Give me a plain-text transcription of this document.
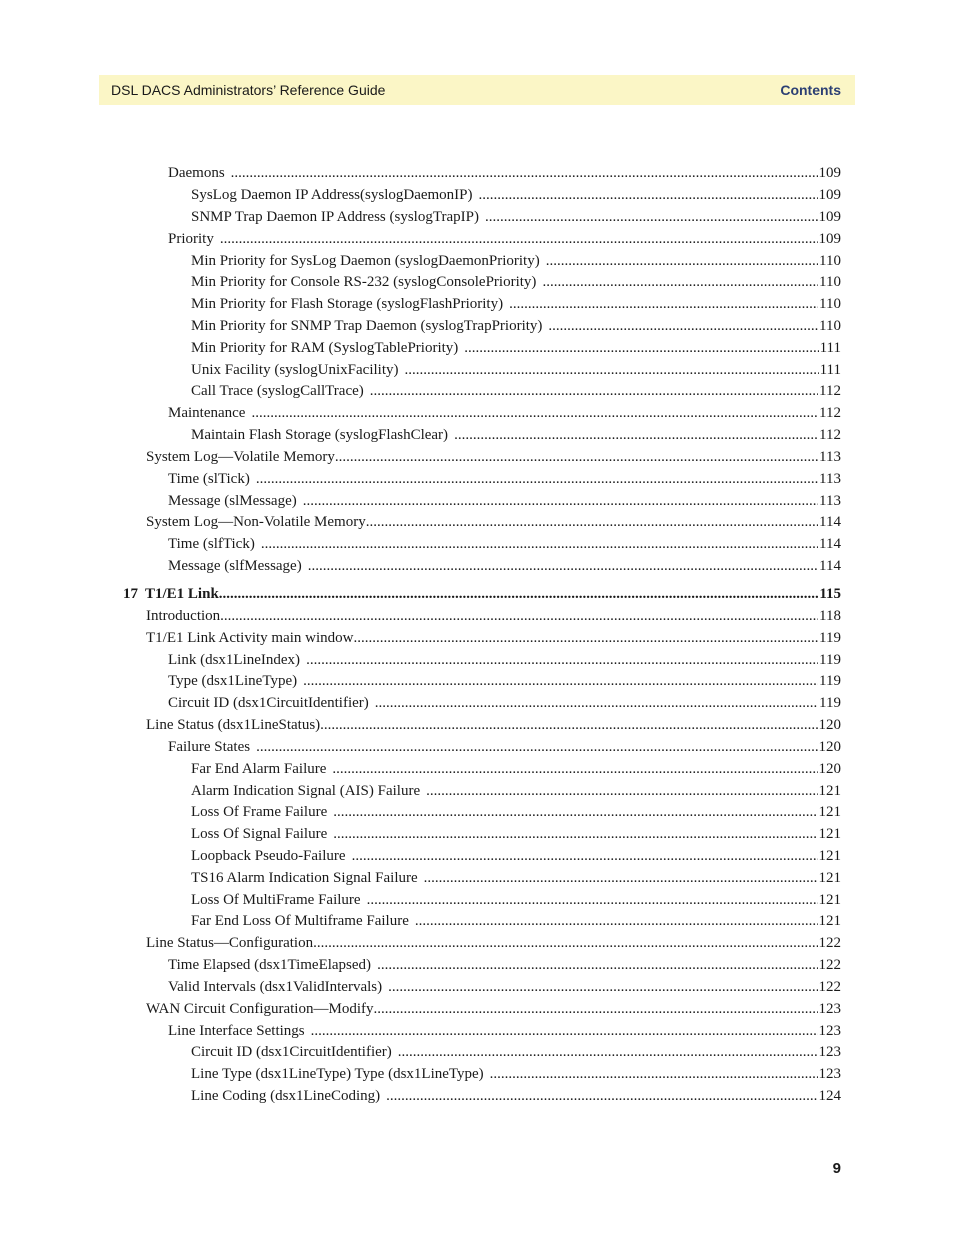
DSL DACS Administrators’ Reference Guide	Contents
Daemons .....	109
SysLog Daemon IP Address(syslogDaemonIP) .....	109
SNMP Trap Daemon IP Address (syslogTrapIP) .....	109
Priority .....	109
Min Priority for SysLog Daemon (syslogDaemonPriority) .....	110
Min Priority for Console RS-232 (syslogConsolePriority) .....	110
Min Priority for Flash Storage (syslogFlashPriority) .....	110
Min Priority for SNMP Trap Daemon (syslogTrapPriority) .....	110
Min Priority for RAM (SyslogTablePriority) .....	111
Unix Facility (syslogUnixFacility) .....	111
Call Trace (syslogCallTrace) .....	112
Maintenance .....	112
Maintain Flash Storage (syslogFlashClear) .....	112
System Log—Volatile Memory .....	113
Time (slTick) .....	113
Message (slMessage) .....	113
System Log—Non-Volatile Memory .....	114
Time (slfTick) .....	114
Message (slfMessage) .....	114
17 T1/E1 Link .....	115
Introduction .....	118
T1/E1 Link Activity main window .....	119
Link (dsx1LineIndex) .....	119
Type (dsx1LineType) .....	119
Circuit ID (dsx1CircuitIdentifier) .....	119
Line Status (dsx1LineStatus) .....	120
Failure States .....	120
Far End Alarm Failure .....	120
Alarm Indication Signal (AIS) Failure .....	121
Loss Of Frame Failure .....	121
Loss Of Signal Failure .....	121
Loopback Pseudo-Failure .....	121
TS16 Alarm Indication Signal Failure .....	121
Loss Of MultiFrame Failure .....	121
Far End Loss Of Multiframe Failure .....	121
Line Status—Configuration .....	122
Time Elapsed (dsx1TimeElapsed) .....	122
Valid Intervals (dsx1ValidIntervals) .....	122
WAN Circuit Configuration—Modify .....	123
Line Interface Settings .....	123
Circuit ID (dsx1CircuitIdentifier) .....	123
Line Type (dsx1LineType) Type (dsx1LineType) .....	123
Line Coding (dsx1LineCoding) .....	124
9
